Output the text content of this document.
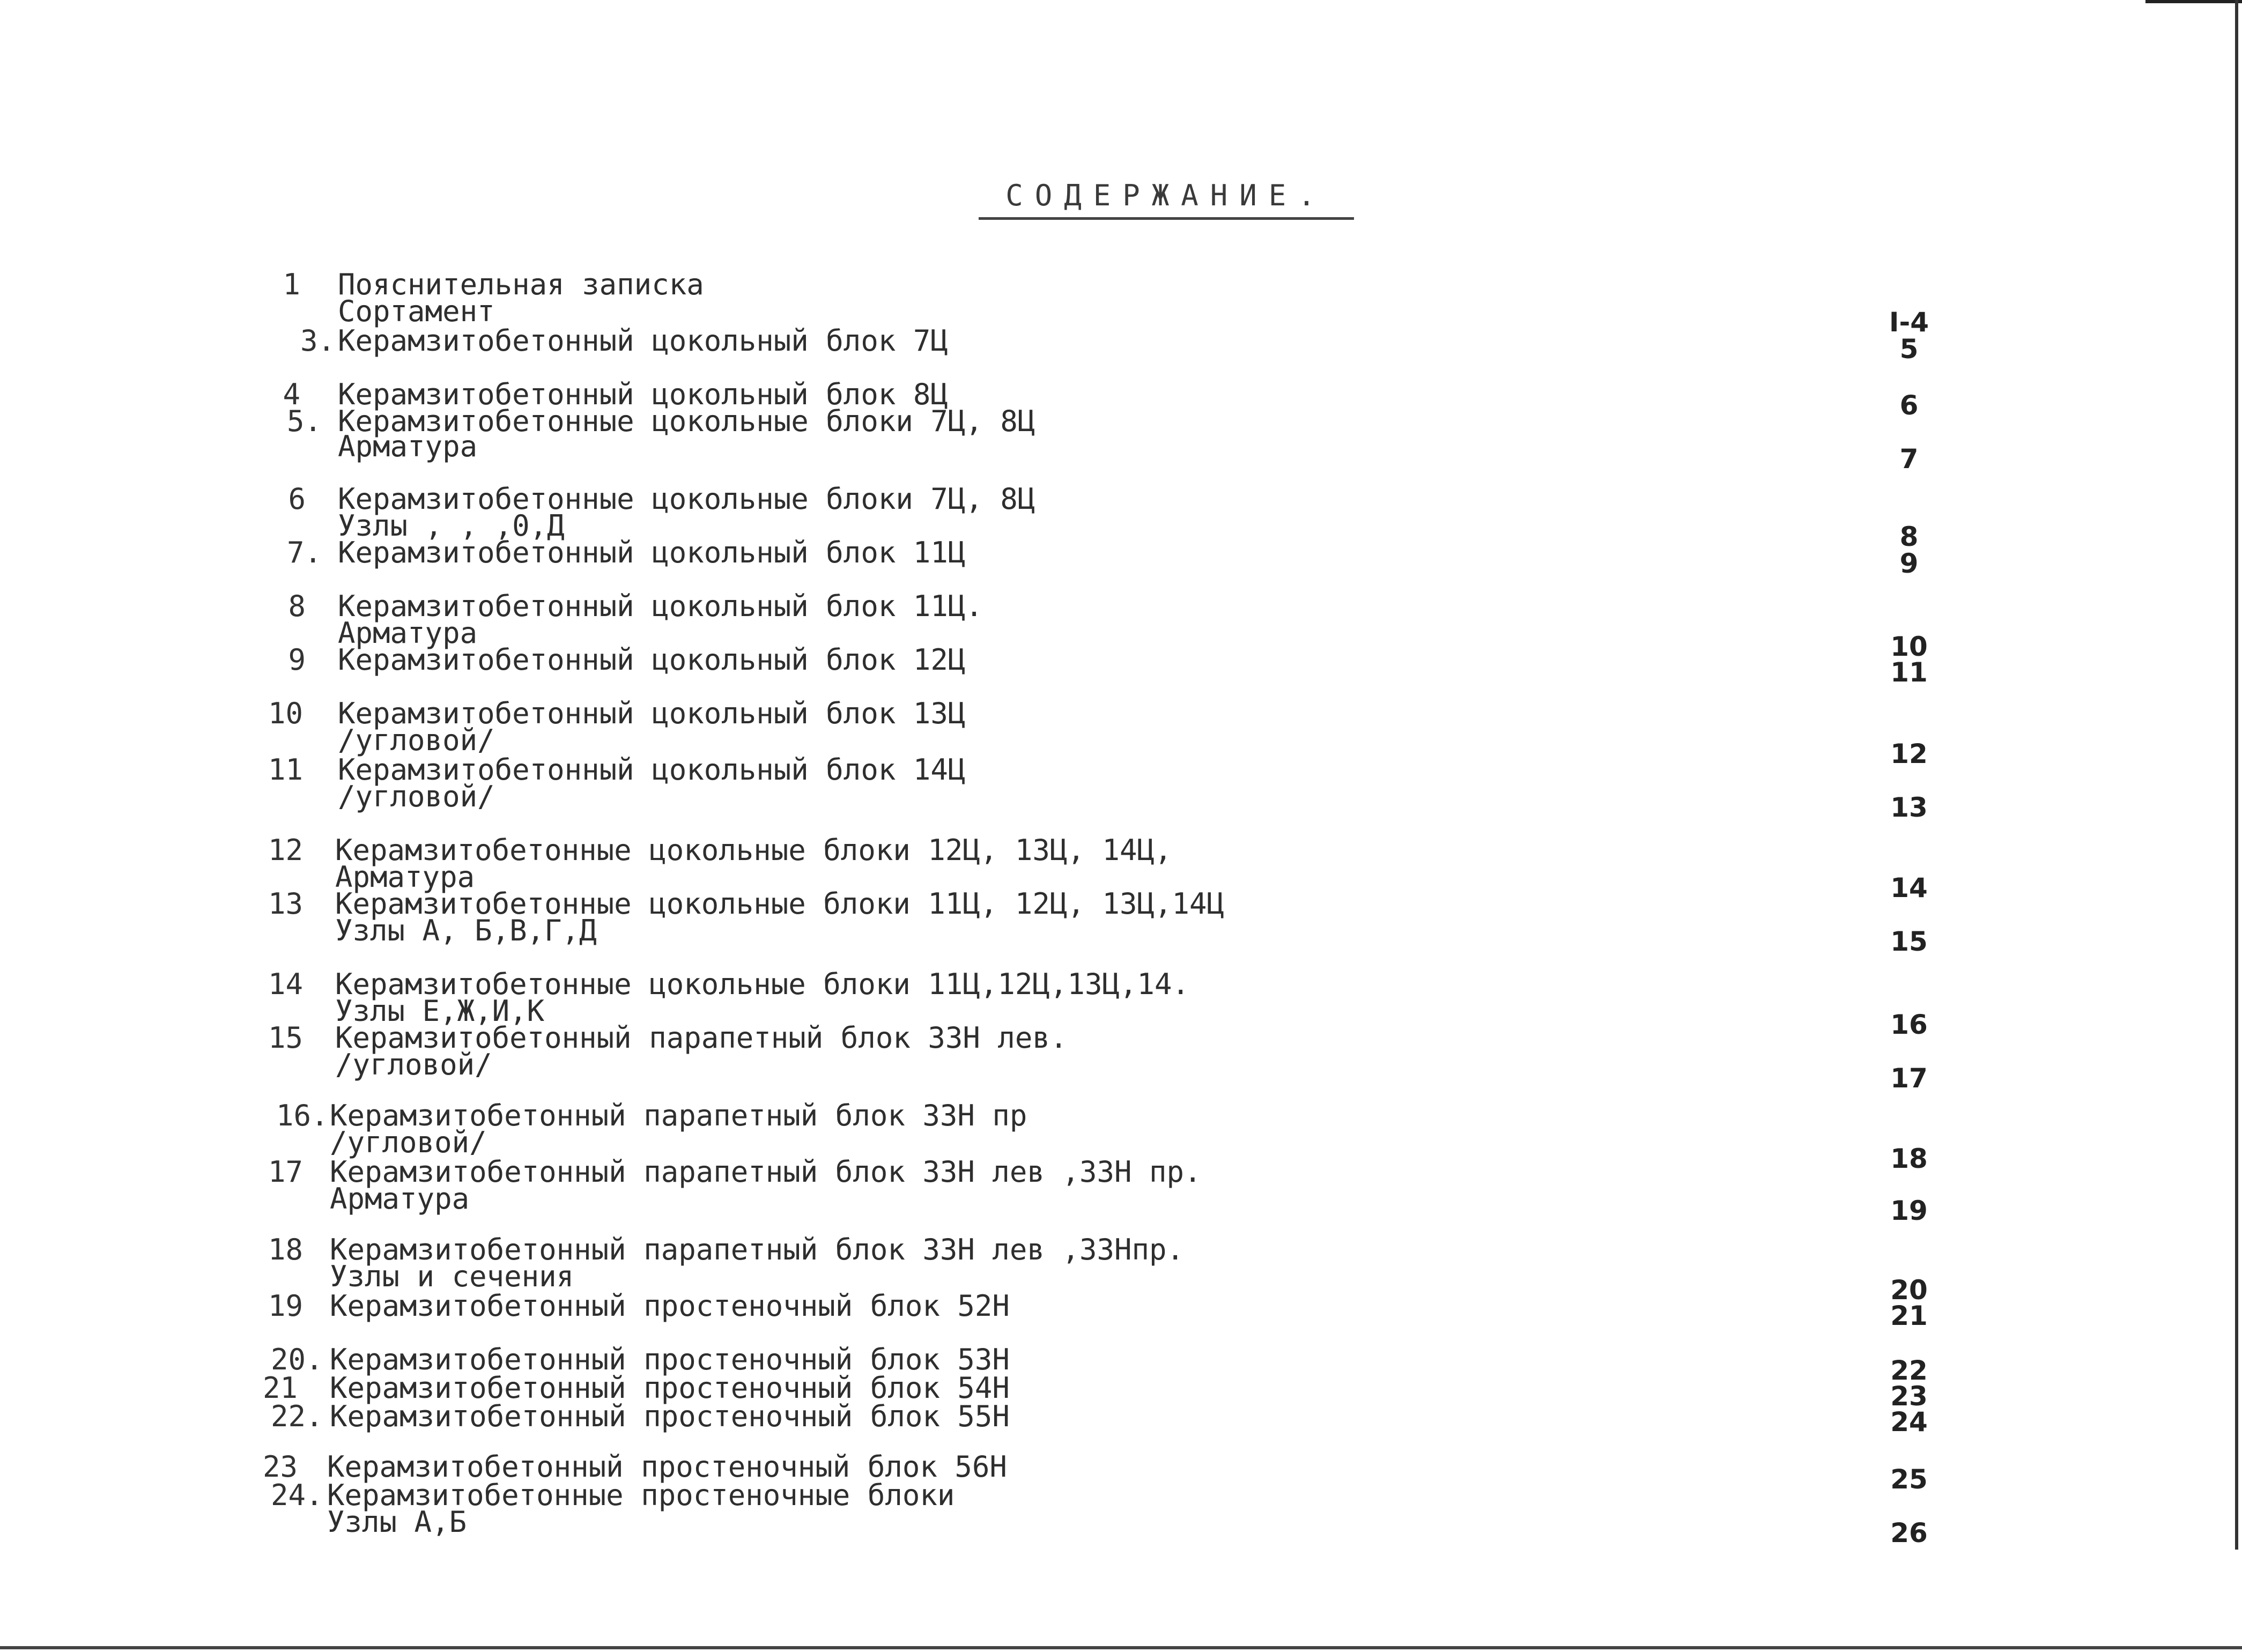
СОДЕРЖАНИЕ.
1
3.
4
5.
6
7.
8
9
10
11
12
13
14
15
16.
17
18
19
20.
21
22.
23
24.
Пояснительная записка
Сортамент
Керамзитобетонный цокольный блок 7Ц
Керамзитобетонный цокольный блок 8Ц
Керамзитобетонные цокольные блоки 7Ц, 8Ц
Арматура
Керамзитобетонные цокольные блоки 7Ц, 8Ц
Узлы , , ,0,Д
Керамзитобетонный цокольный блок 11Ц
Керамзитобетонный цокольный блок 11Ц.
Арматура
Керамзитобетонный цокольный блок 12Ц
Керамзитобетонный цокольный блок 13Ц
/угловой/
Керамзитобетонный цокольный блок 14Ц
/угловой/
Керамзитобетонные цокольные блоки 12Ц, 13Ц, 14Ц,
Арматура
Керамзитобетонные цокольные блоки 11Ц, 12Ц, 13Ц,14Ц
Узлы А, Б,В,Г,Д
Керамзитобетонные цокольные блоки 11Ц,12Ц,13Ц,14.
Узлы Е,Ж,И,К
Керамзитобетонный парапетный блок 33Н лев.
/угловой/
Керамзитобетонный парапетный блок 33Н пр
/угловой/
Керамзитобетонный парапетный блок 33Н лев ,33Н пр.
Арматура
Керамзитобетонный парапетный блок 33Н лев ,33Нпр.
Узлы и сечения
Керамзитобетонный простеночный блок 52Н
Керамзитобетонный простеночный блок 53Н
Керамзитобетонный простеночный блок 54Н
Керамзитобетонный простеночный блок 55Н
Керамзитобетонный простеночный блок 56Н
Керамзитобетонные простеночные блоки
Узлы А,Б
I-4
5
6
7
8
9
10
11
12
13
14
15
16
17
18
19
20
21
22
23
24
25
26
